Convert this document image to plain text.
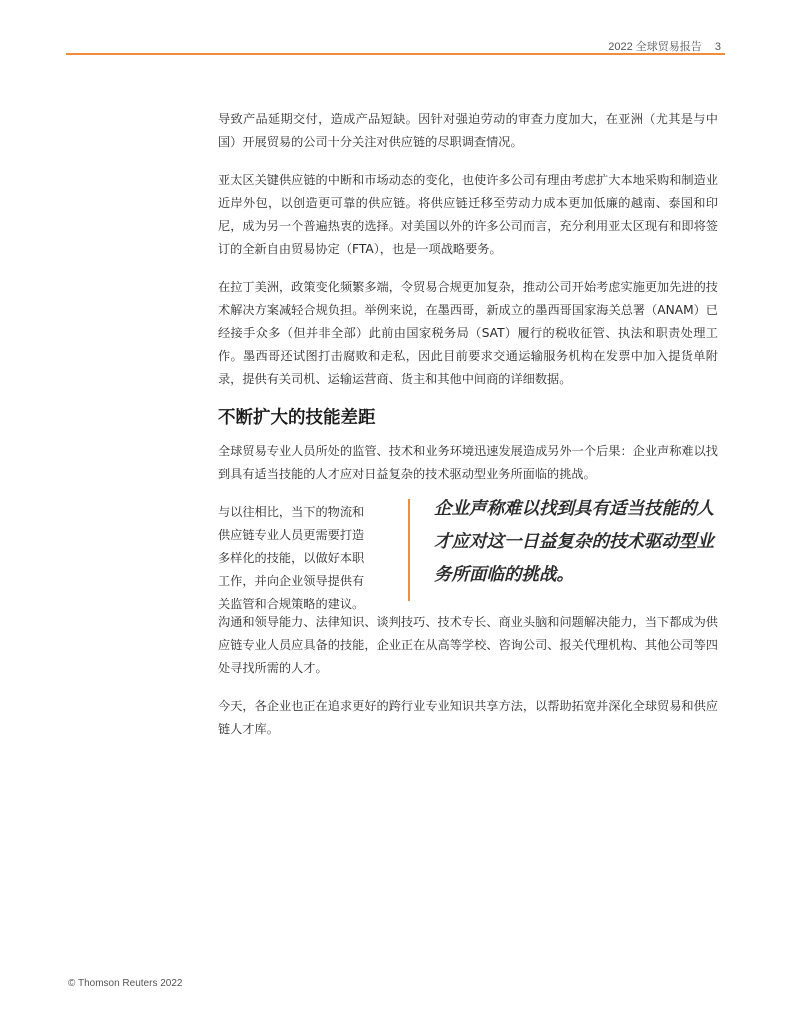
2022 全球贸易报告 3

导致产品延期交付，造成产品短缺。因针对强迫劳动的审查力度加大，在亚洲（尤其是与中国）开展贸易的公司十分关注对供应链的尽职调查情况。

亚太区关键供应链的中断和市场动态的变化，也使许多公司有理由考虑扩大本地采购和制造业近岸外包，以创造更可靠的供应链。将供应链迁移至劳动力成本更加低廉的越南、泰国和印尼，成为另一个普遍热衷的选择。对美国以外的许多公司而言，充分利用亚太区现有和即将签订的全新自由贸易协定（FTA），也是一项战略要务。

在拉丁美洲，政策变化频繁多端，令贸易合规更加复杂，推动公司开始考虑实施更加先进的技术解决方案减轻合规负担。举例来说，在墨西哥，新成立的墨西哥国家海关总署（ANAM）已经接手众多（但并非全部）此前由国家税务局（SAT）履行的税收征管、执法和职责处理工作。墨西哥还试图打击腐败和走私，因此目前要求交通运输服务机构在发票中加入提货单附录，提供有关司机、运输运营商、货主和其他中间商的详细数据。

不断扩大的技能差距

全球贸易专业人员所处的监管、技术和业务环境迅速发展造成另外一个后果：企业声称难以找到具有适当技能的人才应对日益复杂的技术驱动型业务所面临的挑战。

与以往相比，当下的物流和供应链专业人员更需要打造多样化的技能，以做好本职工作，并向企业领导提供有关监管和合规策略的建议。
企业声称难以找到具有适当技能的人才应对这一日益复杂的技术驱动型业务所面临的挑战。

沟通和领导能力、法律知识、谈判技巧、技术专长、商业头脑和问题解决能力，当下都成为供应链专业人员应具备的技能，企业正在从高等学校、咨询公司、报关代理机构、其他公司等四处寻找所需的人才。

今天，各企业也正在追求更好的跨行业专业知识共享方法，以帮助拓宽并深化全球贸易和供应链人才库。

© Thomson Reuters 2022
